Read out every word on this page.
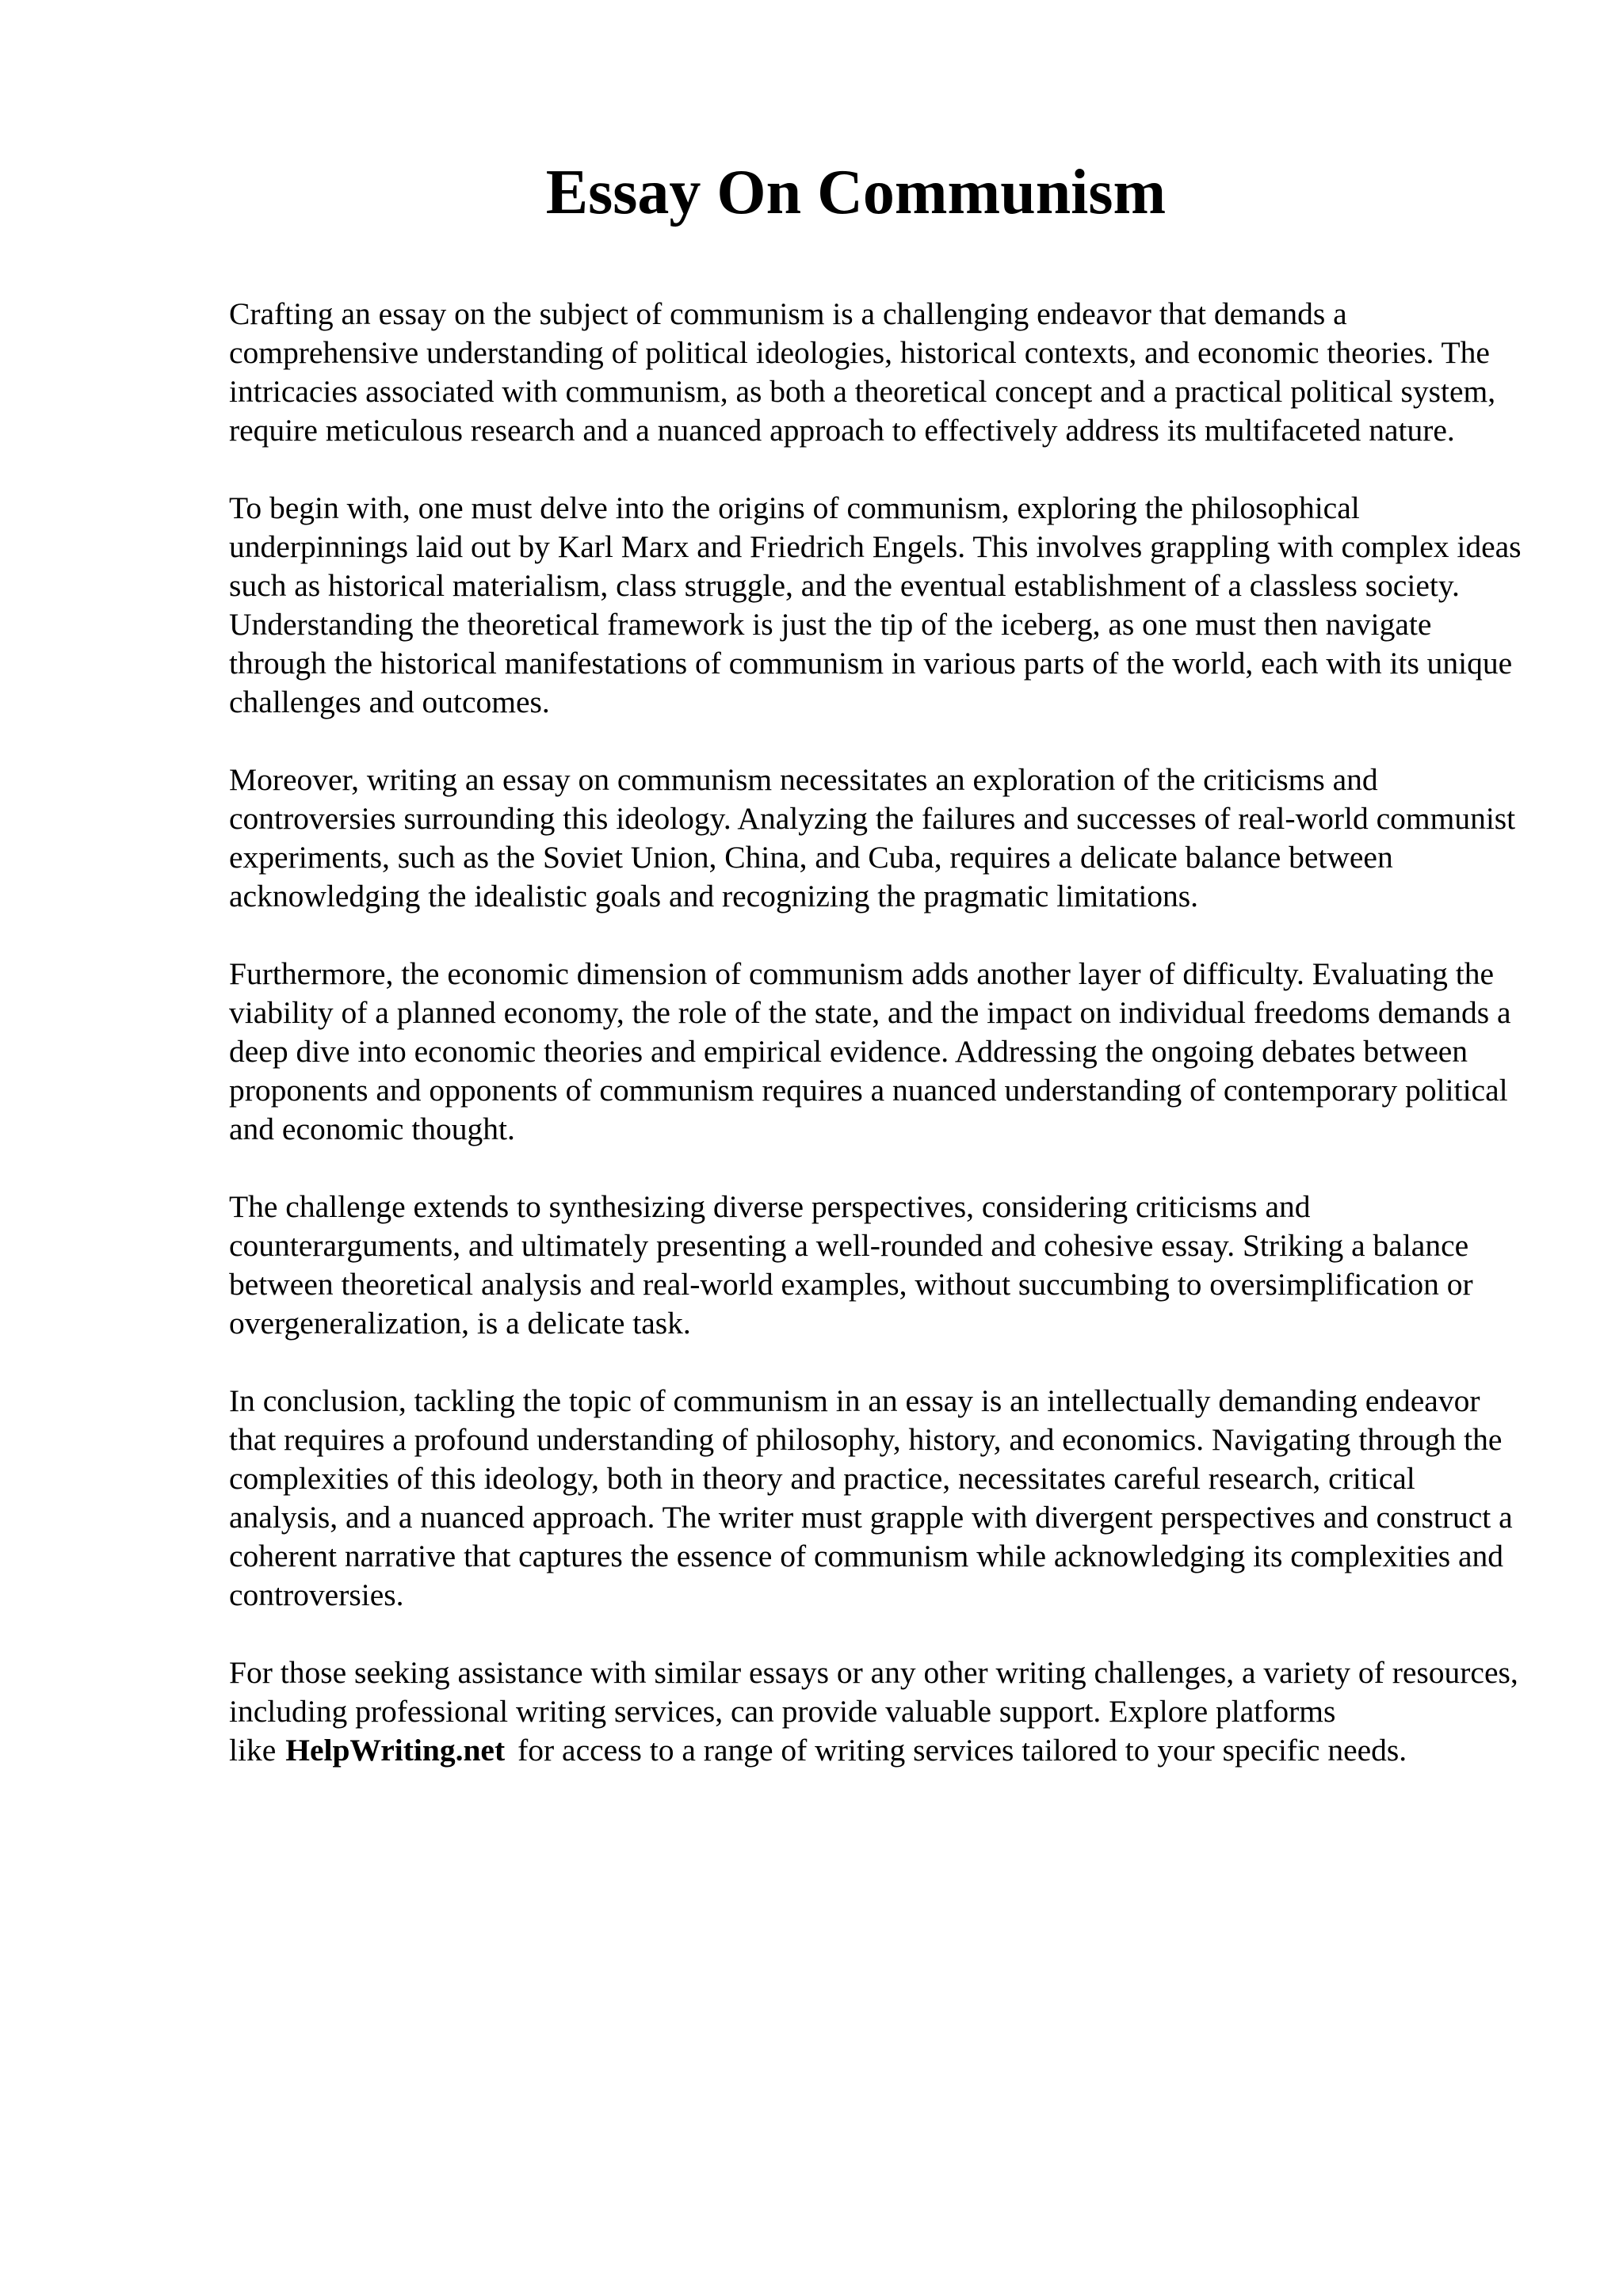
Essay On Communism

Crafting an essay on the subject of communism is a challenging endeavor that demands a comprehensive understanding of political ideologies, historical contexts, and economic theories. The intricacies associated with communism, as both a theoretical concept and a practical political system, require meticulous research and a nuanced approach to effectively address its multifaceted nature.

To begin with, one must delve into the origins of communism, exploring the philosophical underpinnings laid out by Karl Marx and Friedrich Engels. This involves grappling with complex ideas such as historical materialism, class struggle, and the eventual establishment of a classless society. Understanding the theoretical framework is just the tip of the iceberg, as one must then navigate through the historical manifestations of communism in various parts of the world, each with its unique challenges and outcomes.

Moreover, writing an essay on communism necessitates an exploration of the criticisms and controversies surrounding this ideology. Analyzing the failures and successes of real-world communist experiments, such as the Soviet Union, China, and Cuba, requires a delicate balance between acknowledging the idealistic goals and recognizing the pragmatic limitations.

Furthermore, the economic dimension of communism adds another layer of difficulty. Evaluating the viability of a planned economy, the role of the state, and the impact on individual freedoms demands a deep dive into economic theories and empirical evidence. Addressing the ongoing debates between proponents and opponents of communism requires a nuanced understanding of contemporary political and economic thought.

The challenge extends to synthesizing diverse perspectives, considering criticisms and counterarguments, and ultimately presenting a well-rounded and cohesive essay. Striking a balance between theoretical analysis and real-world examples, without succumbing to oversimplification or overgeneralization, is a delicate task.

In conclusion, tackling the topic of communism in an essay is an intellectually demanding endeavor that requires a profound understanding of philosophy, history, and economics. Navigating through the complexities of this ideology, both in theory and practice, necessitates careful research, critical analysis, and a nuanced approach. The writer must grapple with divergent perspectives and construct a coherent narrative that captures the essence of communism while acknowledging its complexities and controversies.

For those seeking assistance with similar essays or any other writing challenges, a variety of resources, including professional writing services, can provide valuable support. Explore platforms like HelpWriting.net for access to a range of writing services tailored to your specific needs.
